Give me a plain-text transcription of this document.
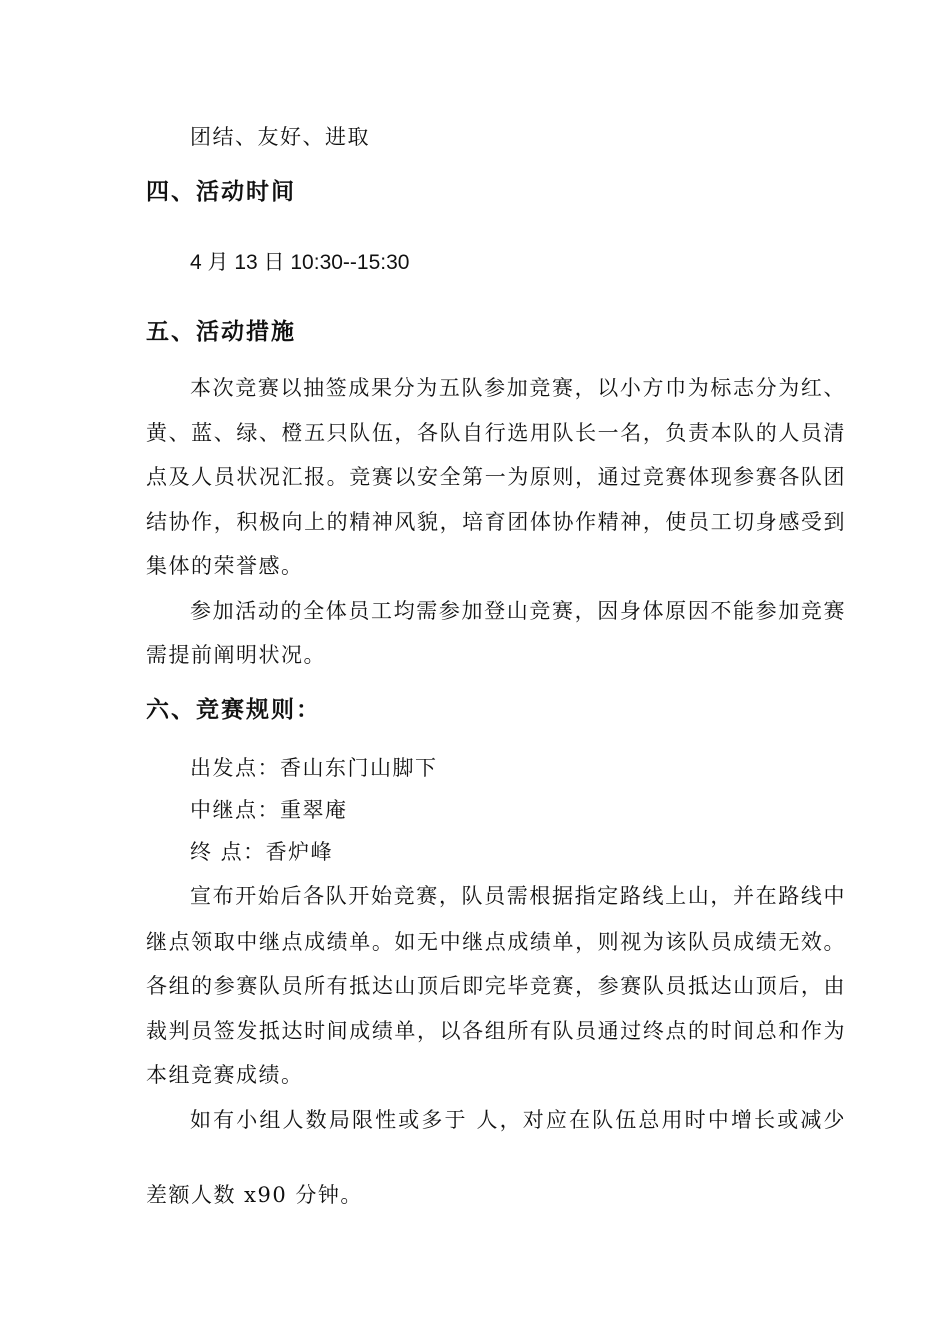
团结、友好、进取
四、活动时间
4 月 13 日 10:30--15:30
五、活动措施
本次竞赛以抽签成果分为五队参加竞赛，以小方巾为标志分为红、
黄、蓝、绿、橙五只队伍，各队自行选用队长一名，负责本队的人员清
点及人员状况汇报。竞赛以安全第一为原则，通过竞赛体现参赛各队团
结协作，积极向上的精神风貌，培育团体协作精神，使员工切身感受到
集体的荣誉感。
参加活动的全体员工均需参加登山竞赛，因身体原因不能参加竞赛
需提前阐明状况。
六、竞赛规则：
出发点：香山东门山脚下
中继点：重翠庵
终 点：香炉峰
宣布开始后各队开始竞赛，队员需根据指定路线上山，并在路线中
继点领取中继点成绩单。如无中继点成绩单，则视为该队员成绩无效。
各组的参赛队员所有抵达山顶后即完毕竞赛，参赛队员抵达山顶后，由
裁判员签发抵达时间成绩单，以各组所有队员通过终点的时间总和作为
本组竞赛成绩。
如有小组人数局限性或多于 人，对应在队伍总用时中增长或减少
差额人数 x90 分钟。
